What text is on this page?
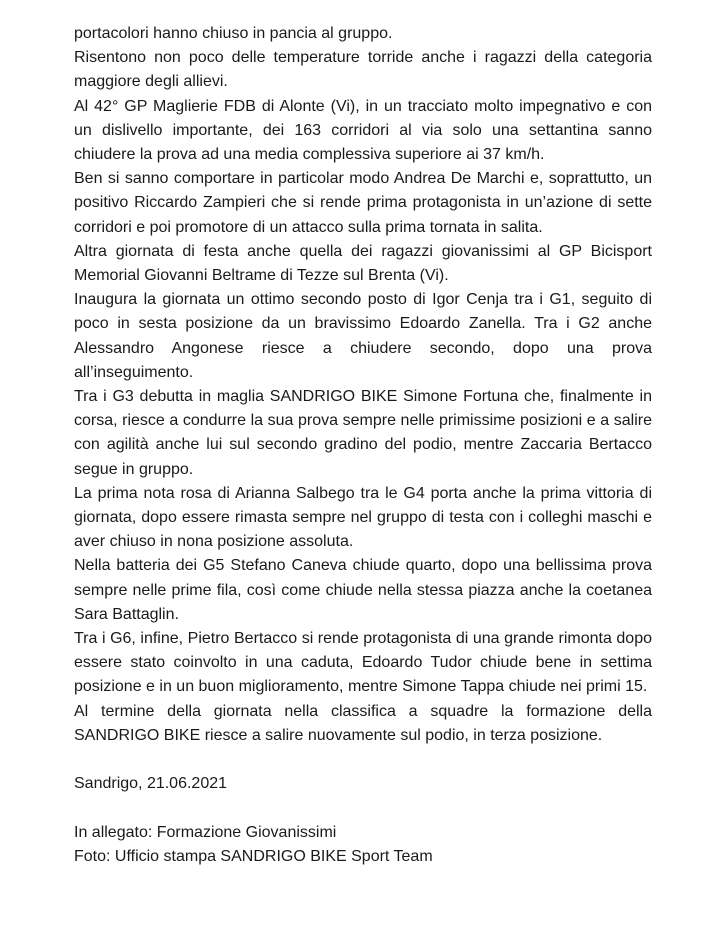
portacolori hanno chiuso in pancia al gruppo.

Risentono non poco delle temperature torride anche i ragazzi della categoria maggiore degli allievi.

Al 42° GP Maglierie FDB di Alonte (Vi), in un tracciato molto impegnativo e con un dislivello importante, dei 163 corridori al via solo una settantina sanno chiudere la prova ad una media complessiva superiore ai 37 km/h.

Ben si sanno comportare in particolar modo Andrea De Marchi e, soprattutto, un positivo Riccardo Zampieri che si rende prima protagonista in un’azione di sette corridori e poi promotore di un attacco sulla prima tornata in salita.

Altra giornata di festa anche quella dei ragazzi giovanissimi al GP Bicisport Memorial Giovanni Beltrame di Tezze sul Brenta (Vi).

Inaugura la giornata un ottimo secondo posto di Igor Cenja tra i G1, seguito di poco in sesta posizione da un bravissimo Edoardo Zanella. Tra i G2 anche Alessandro Angonese riesce a chiudere secondo, dopo una prova all’inseguimento.

Tra i G3 debutta in maglia SANDRIGO BIKE Simone Fortuna che, finalmente in corsa, riesce a condurre la sua prova sempre nelle primissime posizioni e a salire con agilità anche lui sul secondo gradino del podio, mentre Zaccaria Bertacco segue in gruppo.

La prima nota rosa di Arianna Salbego tra le G4 porta anche la prima vittoria di giornata, dopo essere rimasta sempre nel gruppo di testa con i colleghi maschi e aver chiuso in nona posizione assoluta.

Nella batteria dei G5 Stefano Caneva chiude quarto, dopo una bellissima prova sempre nelle prime fila, così come chiude nella stessa piazza anche la coetanea Sara Battaglin.

Tra i G6, infine, Pietro Bertacco si rende protagonista di una grande rimonta dopo essere stato coinvolto in una caduta, Edoardo Tudor chiude bene in settima posizione e in un buon miglioramento, mentre Simone Tappa chiude nei primi 15.

Al termine della giornata nella classifica a squadre la formazione della SANDRIGO BIKE riesce a salire nuovamente sul podio, in terza posizione.

Sandrigo, 21.06.2021

In allegato: Formazione Giovanissimi

Foto: Ufficio stampa SANDRIGO BIKE Sport Team
